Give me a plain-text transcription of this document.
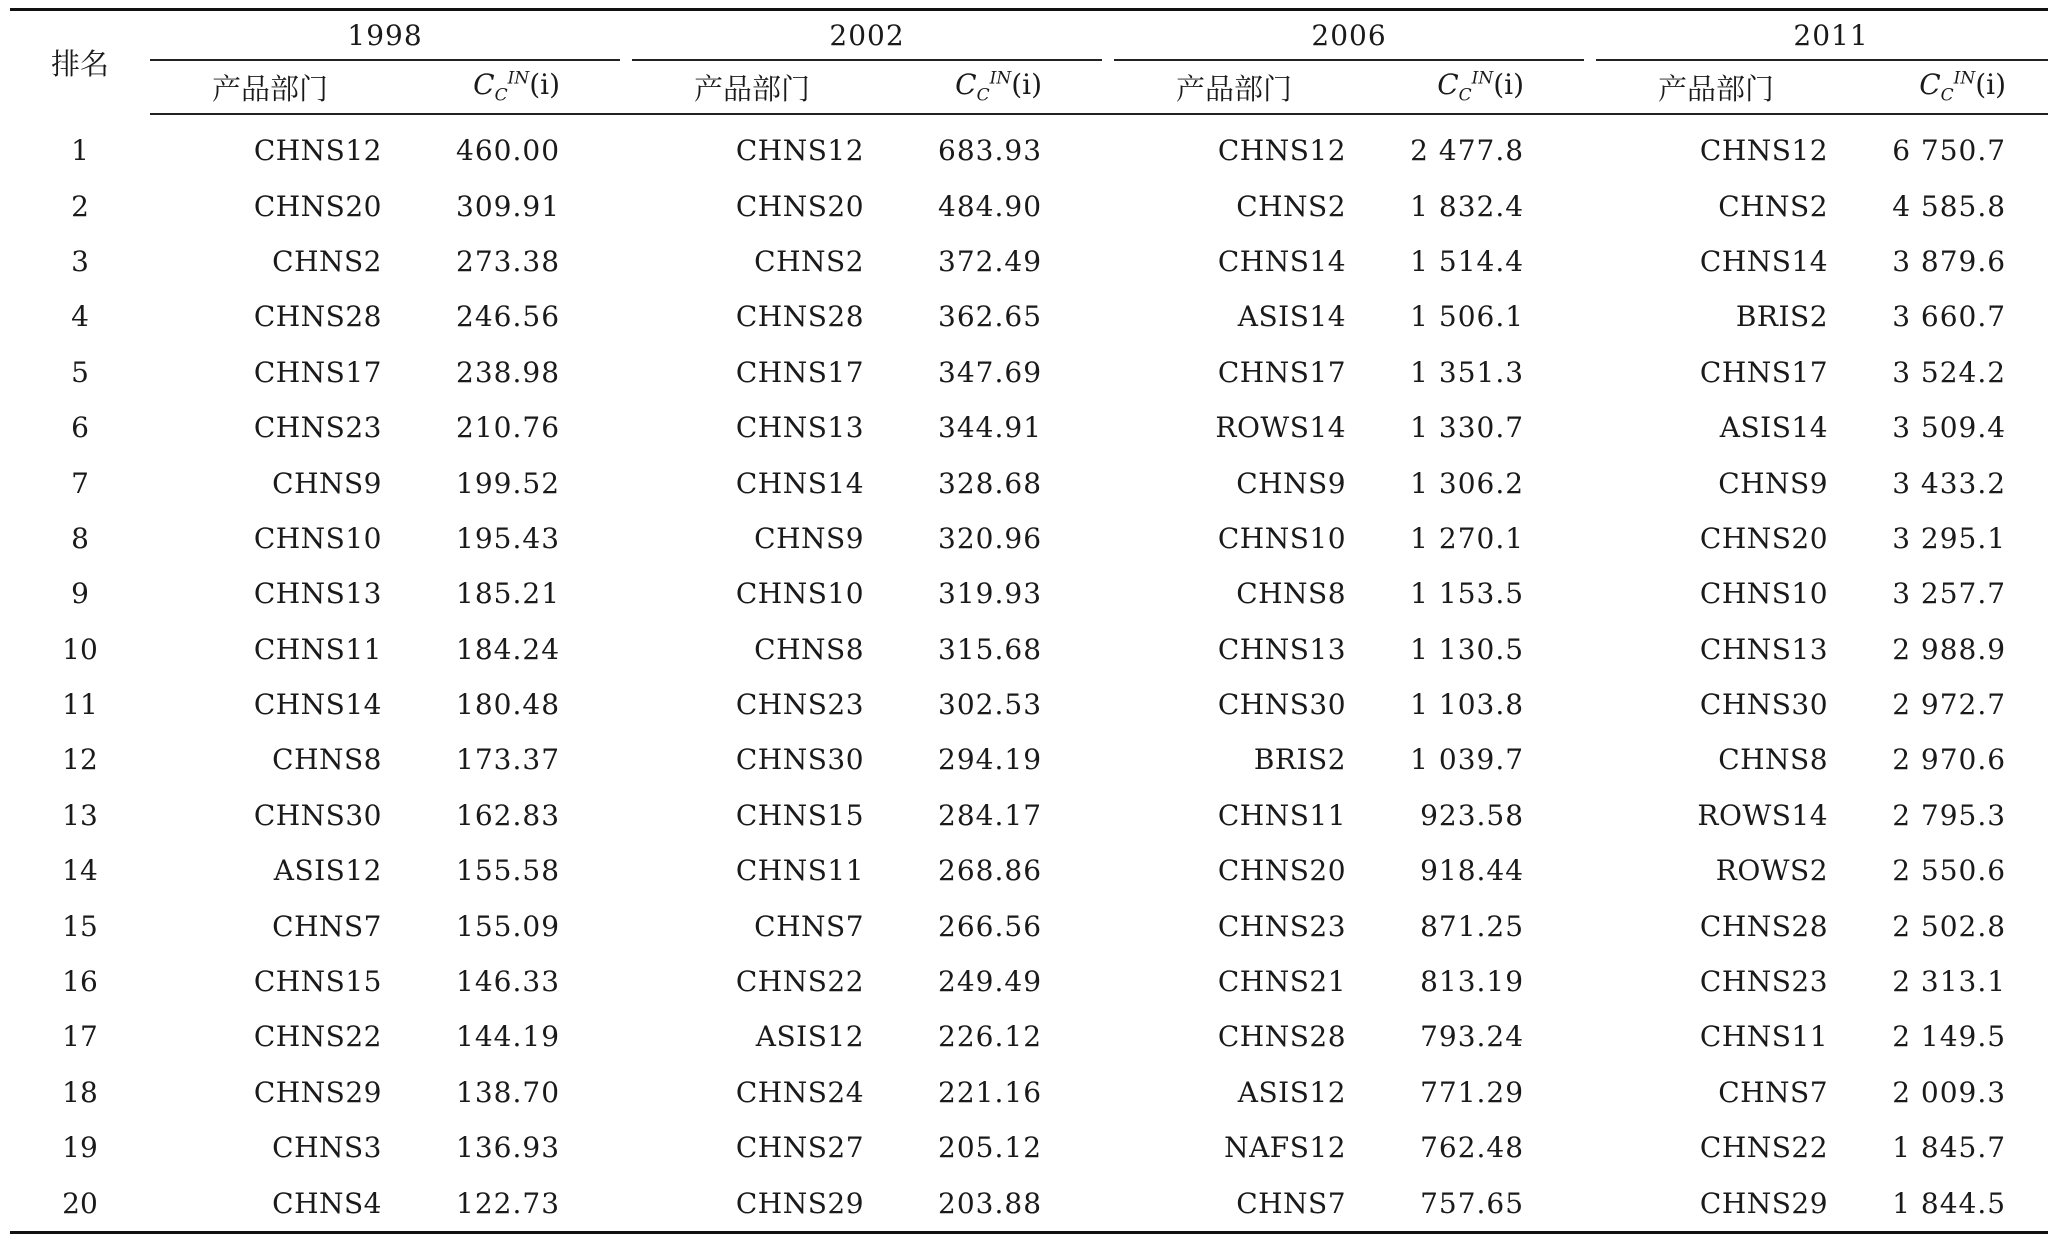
排名	1998			2002			2006			2011	
	产品部门	$C_C^{IN}(i)$		产品部门	$C_C^{IN}(i)$		产品部门	$C_C^{IN}(i)$		产品部门	$C_C^{IN}(i)$
1	CHNS12	460.00		CHNS12	683.93		CHNS12	2 477.8		CHNS12	6 750.7
2	CHNS20	309.91		CHNS20	484.90		CHNS2	1 832.4		CHNS2	4 585.8
3	CHNS2	273.38		CHNS2	372.49		CHNS14	1 514.4		CHNS14	3 879.6
4	CHNS28	246.56		CHNS28	362.65		ASIS14	1 506.1		BRIS2	3 660.7
5	CHNS17	238.98		CHNS17	347.69		CHNS17	1 351.3		CHNS17	3 524.2
6	CHNS23	210.76		CHNS13	344.91		ROWS14	1 330.7		ASIS14	3 509.4
7	CHNS9	199.52		CHNS14	328.68		CHNS9	1 306.2		CHNS9	3 433.2
8	CHNS10	195.43		CHNS9	320.96		CHNS10	1 270.1		CHNS20	3 295.1
9	CHNS13	185.21		CHNS10	319.93		CHNS8	1 153.5		CHNS10	3 257.7
10	CHNS11	184.24		CHNS8	315.68		CHNS13	1 130.5		CHNS13	2 988.9
11	CHNS14	180.48		CHNS23	302.53		CHNS30	1 103.8		CHNS30	2 972.7
12	CHNS8	173.37		CHNS30	294.19		BRIS2	1 039.7		CHNS8	2 970.6
13	CHNS30	162.83		CHNS15	284.17		CHNS11	923.58		ROWS14	2 795.3
14	ASIS12	155.58		CHNS11	268.86		CHNS20	918.44		ROWS2	2 550.6
15	CHNS7	155.09		CHNS7	266.56		CHNS23	871.25		CHNS28	2 502.8
16	CHNS15	146.33		CHNS22	249.49		CHNS21	813.19		CHNS23	2 313.1
17	CHNS22	144.19		ASIS12	226.12		CHNS28	793.24		CHNS11	2 149.5
18	CHNS29	138.70		CHNS24	221.16		ASIS12	771.29		CHNS7	2 009.3
19	CHNS3	136.93		CHNS27	205.12		NAFS12	762.48		CHNS22	1 845.7
20	CHNS4	122.73		CHNS29	203.88		CHNS7	757.65		CHNS29	1 844.5
